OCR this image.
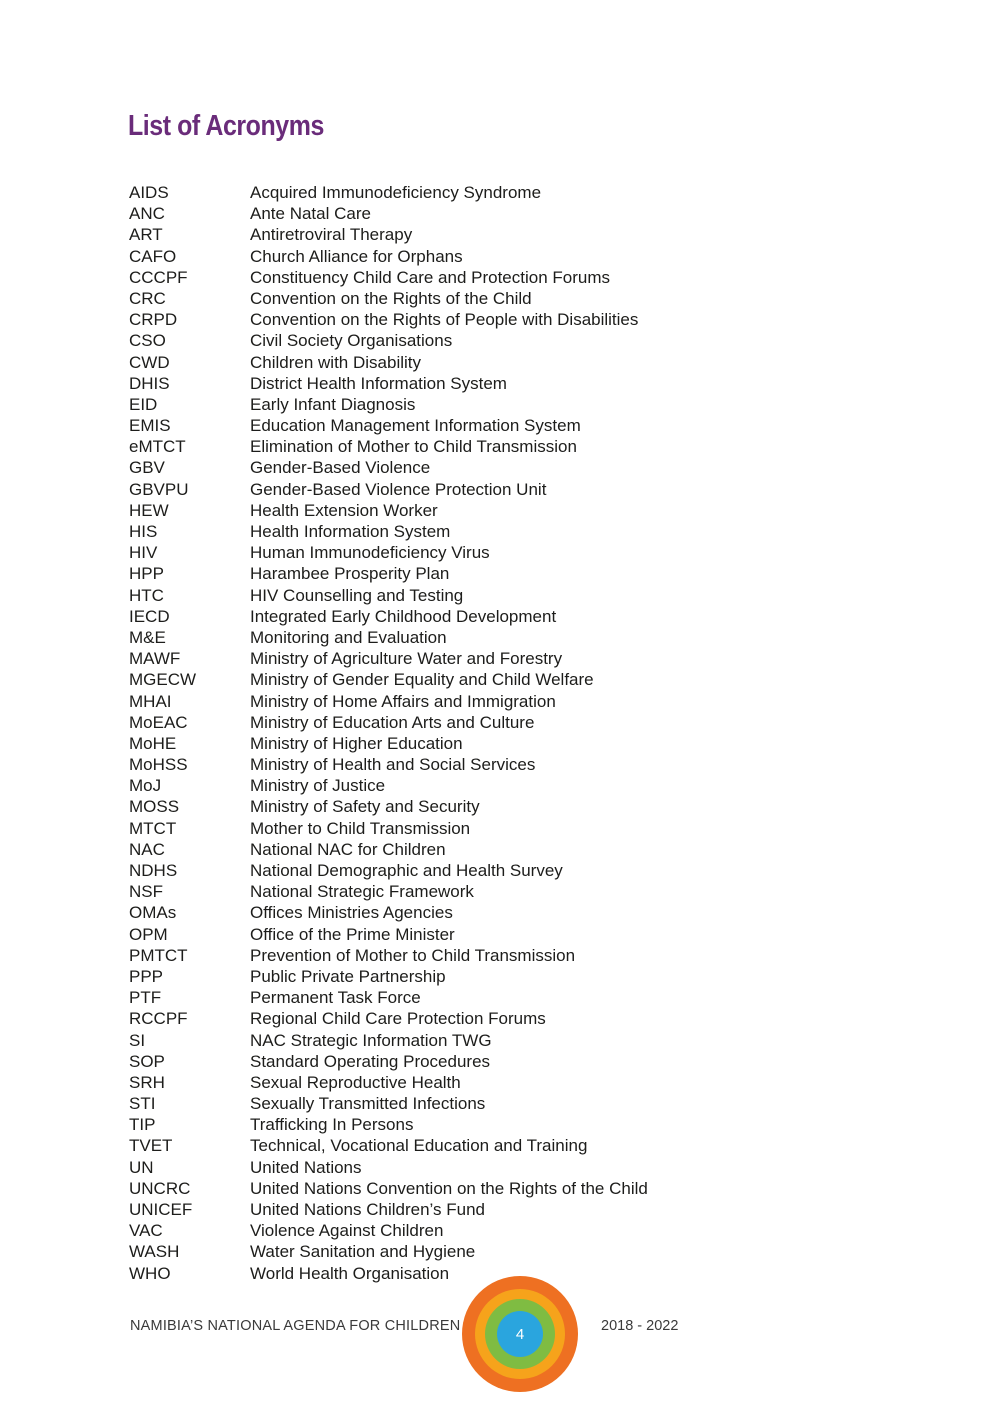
List of Acronyms
AIDS	Acquired Immunodeficiency Syndrome
ANC	Ante Natal Care
ART	Antiretroviral Therapy
CAFO	Church Alliance for Orphans
CCCPF	Constituency Child Care and Protection Forums
CRC	Convention on the Rights of the Child
CRPD	Convention on the Rights of People with Disabilities
CSO	Civil Society Organisations
CWD	Children with Disability
DHIS	District Health Information System
EID	Early Infant Diagnosis
EMIS	Education Management Information System
eMTCT	Elimination of Mother to Child Transmission
GBV	Gender-Based Violence
GBVPU	Gender-Based Violence Protection Unit
HEW	Health Extension Worker
HIS	Health Information System
HIV	Human Immunodeficiency Virus
HPP	Harambee Prosperity Plan
HTC	HIV Counselling and Testing
IECD	Integrated Early Childhood Development
M&E	Monitoring and Evaluation
MAWF	Ministry of Agriculture Water and Forestry
MGECW	Ministry of Gender Equality and Child Welfare
MHAI	Ministry of Home Affairs and Immigration
MoEAC	Ministry of Education Arts and Culture
MoHE	Ministry of Higher Education
MoHSS	Ministry of Health and Social Services
MoJ	Ministry of Justice
MOSS	Ministry of Safety and Security
MTCT	Mother to Child Transmission
NAC	National NAC for Children
NDHS	National Demographic and Health Survey
NSF	National Strategic Framework
OMAs	Offices Ministries Agencies
OPM	Office of the Prime Minister
PMTCT	Prevention of Mother to Child Transmission
PPP	Public Private Partnership
PTF	Permanent Task Force
RCCPF	Regional Child Care Protection Forums
SI	NAC Strategic Information TWG
SOP	Standard Operating Procedures
SRH	Sexual Reproductive Health
STI	Sexually Transmitted Infections
TIP	Trafficking In Persons
TVET	Technical, Vocational Education and Training
UN	United Nations
UNCRC	United Nations Convention on the Rights of the Child
UNICEF	United Nations Children’s Fund
VAC	Violence Against Children
WASH	Water Sanitation and Hygiene
WHO	World Health Organisation
NAMIBIA’S NATIONAL AGENDA FOR CHILDREN	4	2018 - 2022
